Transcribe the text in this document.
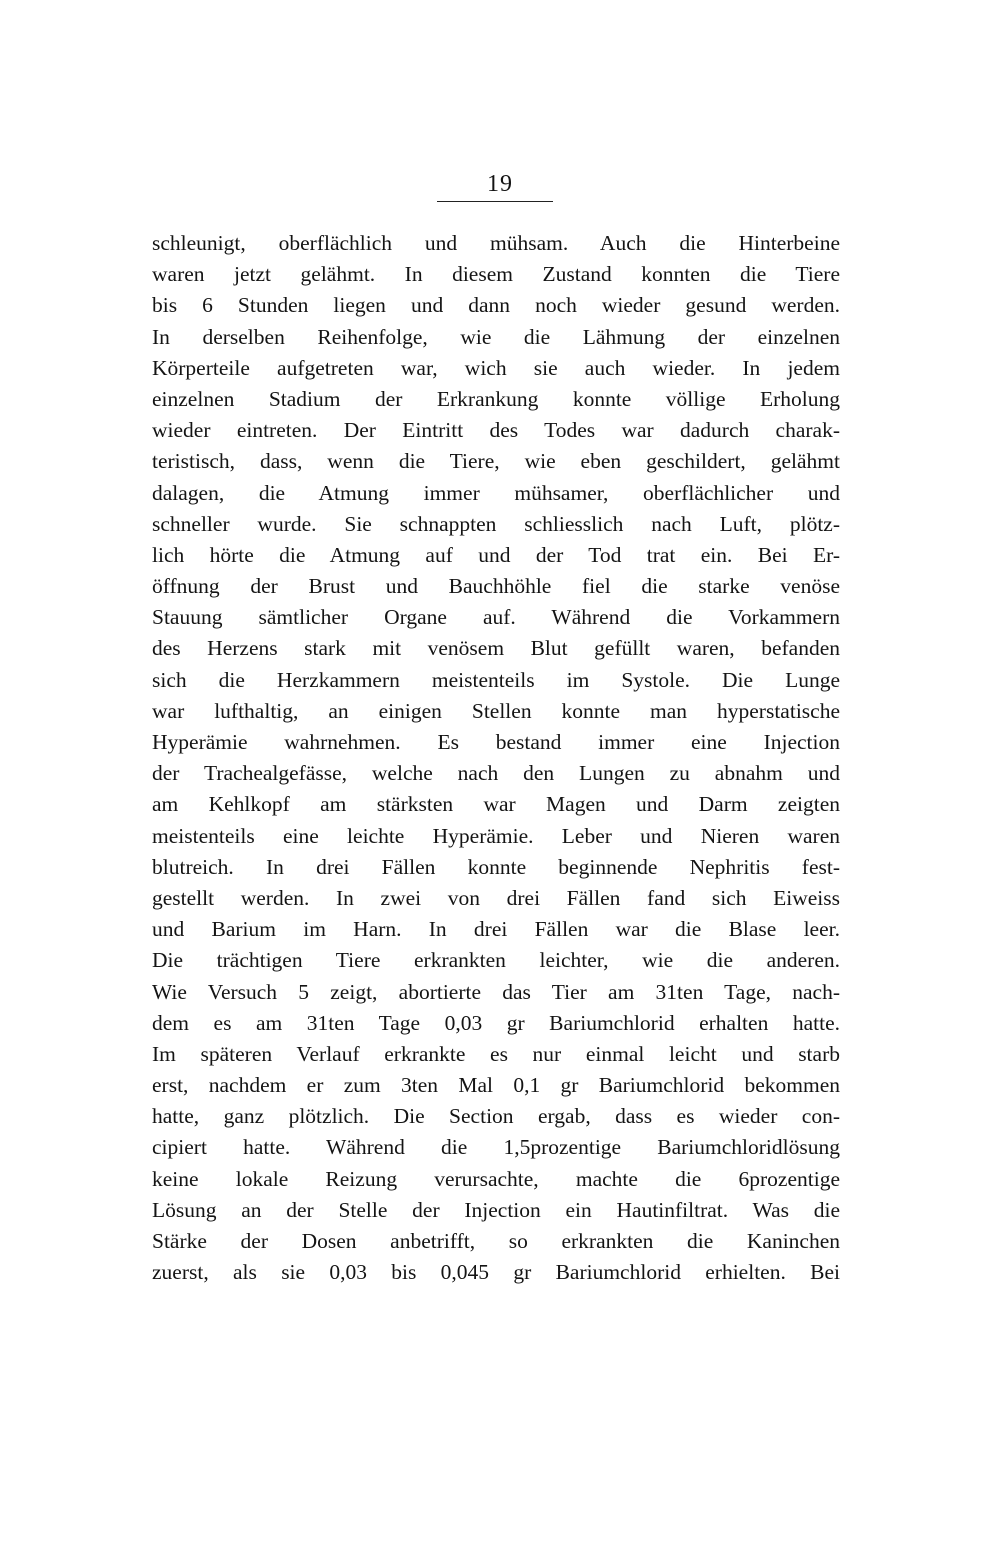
19
schleunigt, oberflächlich und mühsam. Auch die Hinterbeine
waren jetzt gelähmt. In diesem Zustand konnten die Tiere
bis 6 Stunden liegen und dann noch wieder gesund werden.
In derselben Reihenfolge, wie die Lähmung der einzelnen
Körperteile aufgetreten war, wich sie auch wieder. In jedem
einzelnen Stadium der Erkrankung konnte völlige Erholung
wieder eintreten. Der Eintritt des Todes war dadurch charak-
teristisch, dass, wenn die Tiere, wie eben geschildert, gelähmt
dalagen, die Atmung immer mühsamer, oberflächlicher und
schneller wurde. Sie schnappten schliesslich nach Luft, plötz-
lich hörte die Atmung auf und der Tod trat ein. Bei Er-
öffnung der Brust und Bauchhöhle fiel die starke venöse
Stauung sämtlicher Organe auf. Während die Vorkammern
des Herzens stark mit venösem Blut gefüllt waren, befanden
sich die Herzkammern meistenteils im Systole. Die Lunge
war lufthaltig, an einigen Stellen konnte man hyperstatische
Hyperämie wahrnehmen. Es bestand immer eine Injection
der Trachealgefässe, welche nach den Lungen zu abnahm und
am Kehlkopf am stärksten war Magen und Darm zeigten
meistenteils eine leichte Hyperämie. Leber und Nieren waren
blutreich. In drei Fällen konnte beginnende Nephritis fest-
gestellt werden. In zwei von drei Fällen fand sich Eiweiss
und Barium im Harn. In drei Fällen war die Blase leer.
Die trächtigen Tiere erkrankten leichter, wie die anderen.
Wie Versuch 5 zeigt, abortierte das Tier am 31ten Tage, nach-
dem es am 31ten Tage 0,03 gr Bariumchlorid erhalten hatte.
Im späteren Verlauf erkrankte es nur einmal leicht und starb
erst, nachdem er zum 3ten Mal 0,1 gr Bariumchlorid bekommen
hatte, ganz plötzlich. Die Section ergab, dass es wieder con-
cipiert hatte. Während die 1,5prozentige Bariumchloridlösung
keine lokale Reizung verursachte, machte die 6prozentige
Lösung an der Stelle der Injection ein Hautinfiltrat. Was die
Stärke der Dosen anbetrifft, so erkrankten die Kaninchen
zuerst, als sie 0,03 bis 0,045 gr Bariumchlorid erhielten. Bei
